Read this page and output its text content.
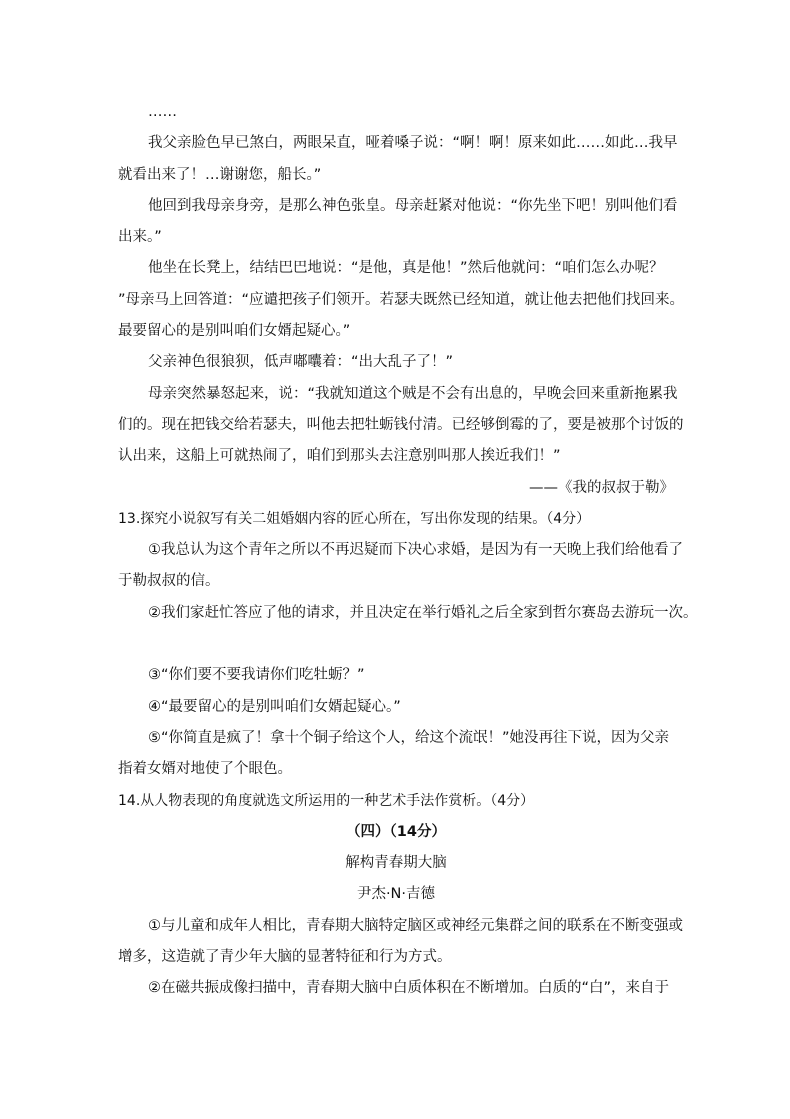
……
我父亲脸色早已煞白，两眼呆直，哑着嗓子说：“啊！啊！原来如此……如此…我早
就看出来了！…谢谢您，船长。”
他回到我母亲身旁，是那么神色张皇。母亲赶紧对他说：“你先坐下吧！别叫他们看
出来。”
他坐在长凳上，结结巴巴地说：“是他，真是他！”然后他就问：“咱们怎么办呢？
”母亲马上回答道：“应谴把孩子们领开。若瑟夫既然已经知道，就让他去把他们找回来。
最要留心的是别叫咱们女婿起疑心。”
父亲神色很狼狈，低声嘟囔着：“出大乱子了！”
母亲突然暴怒起来，说：“我就知道这个贼是不会有出息的，早晚会回来重新拖累我
们的。现在把钱交给若瑟夫，叫他去把牡蛎钱付清。已经够倒霉的了，要是被那个讨饭的
认出来，这船上可就热闹了，咱们到那头去注意别叫那人挨近我们！”
——《我的叔叔于勒》
13.探究小说叙写有关二姐婚姻内容的匠心所在，写出你发现的结果。（4分）
①我总认为这个青年之所以不再迟疑而下决心求婚，是因为有一天晚上我们给他看了
于勒叔叔的信。
②我们家赶忙答应了他的请求，并且决定在举行婚礼之后全家到哲尔赛岛去游玩一次。
③“你们要不要我请你们吃牡蛎？”
④“最要留心的是别叫咱们女婿起疑心。”
⑤“你简直是疯了！拿十个铜子给这个人，给这个流氓！”她没再往下说，因为父亲
指着女婿对地使了个眼色。
14.从人物表现的角度就选文所运用的一种艺术手法作赏析。（4分）
（四）（14分）
解构青春期大脑
尹杰·N·吉德
①与儿童和成年人相比，青春期大脑特定脑区或神经元集群之间的联系在不断变强或
增多，这造就了青少年大脑的显著特征和行为方式。
②在磁共振成像扫描中，青春期大脑中白质体积在不断增加。白质的“白”，来自于
